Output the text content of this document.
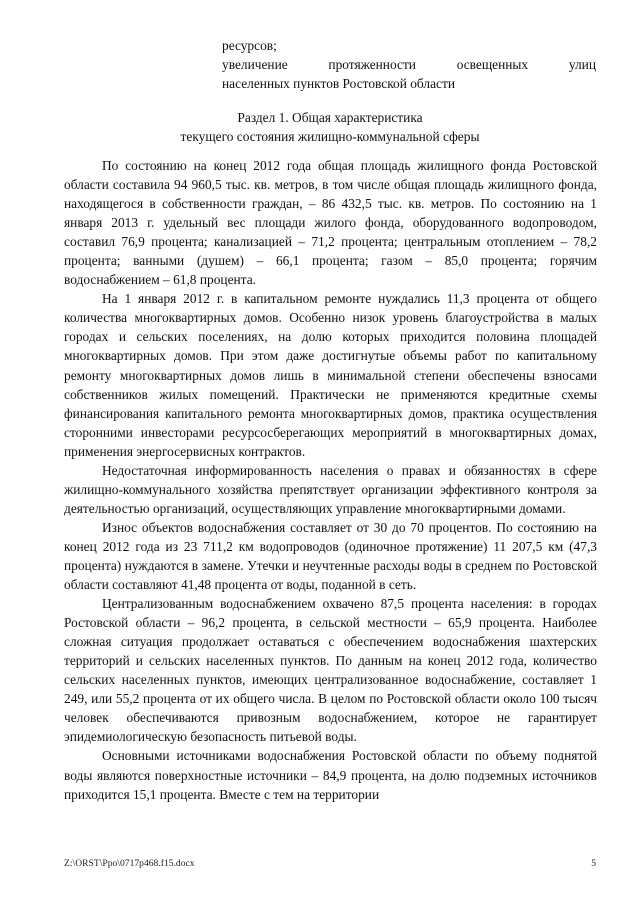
ресурсов;
увеличение	протяженности	освещенных	улиц
населенных пунктов Ростовской области
Раздел 1. Общая характеристика
текущего состояния жилищно-коммунальной сферы

По состоянию на конец 2012 года общая площадь жилищного фонда Ростовской области составила 94 960,5 тыс. кв. метров, в том числе общая площадь жилищного фонда, находящегося в собственности граждан, – 86 432,5 тыс. кв. метров. По состоянию на 1 января 2013 г. удельный вес площади жилого фонда, оборудованного водопроводом, составил 76,9 процента; канализацией – 71,2 процента; центральным отоплением – 78,2 процента; ванными (душем) – 66,1 процента; газом – 85,0 процента; горячим водоснабжением – 61,8 процента.

На 1 января 2012 г. в капитальном ремонте нуждались 11,3 процента от общего количества многоквартирных домов. Особенно низок уровень благоустройства в малых городах и сельских поселениях, на долю которых приходится половина площадей многоквартирных домов. При этом даже достигнутые объемы работ по капитальному ремонту многоквартирных домов лишь в минимальной степени обеспечены взносами собственников жилых помещений. Практически не применяются кредитные схемы финансирования капитального ремонта многоквартирных домов, практика осуществления сторонними инвесторами ресурсосберегающих мероприятий в многоквартирных домах, применения энергосервисных контрактов.

Недостаточная информированность населения о правах и обязанностях в сфере жилищно-коммунального хозяйства препятствует организации эффективного контроля за деятельностью организаций, осуществляющих управление многоквартирными домами.

Износ объектов водоснабжения составляет от 30 до 70 процентов. По состоянию на конец 2012 года из 23 711,2 км водопроводов (одиночное протяжение) 11 207,5 км (47,3 процента) нуждаются в замене. Утечки и неучтенные расходы воды в среднем по Ростовской области составляют 41,48 процента от воды, поданной в сеть.

Централизованным водоснабжением охвачено 87,5 процента населения: в городах Ростовской области – 96,2 процента, в сельской местности – 65,9 процента. Наиболее сложная ситуация продолжает оставаться с обеспечением водоснабжения шахтерских территорий и сельских населенных пунктов. По данным на конец 2012 года, количество сельских населенных пунктов, имеющих централизованное водоснабжение, составляет 1 249, или 55,2 процента от их общего числа. В целом по Ростовской области около 100 тысяч человек обеспечиваются привозным водоснабжением, которое не гарантирует эпидемиологическую безопасность питьевой воды.

Основными источниками водоснабжения Ростовской области по объему поднятой воды являются поверхностные источники – 84,9 процента, на долю подземных источников приходится 15,1 процента. Вместе с тем на территории

Z:\ORST\Ppo\0717p468.f15.docx	5
